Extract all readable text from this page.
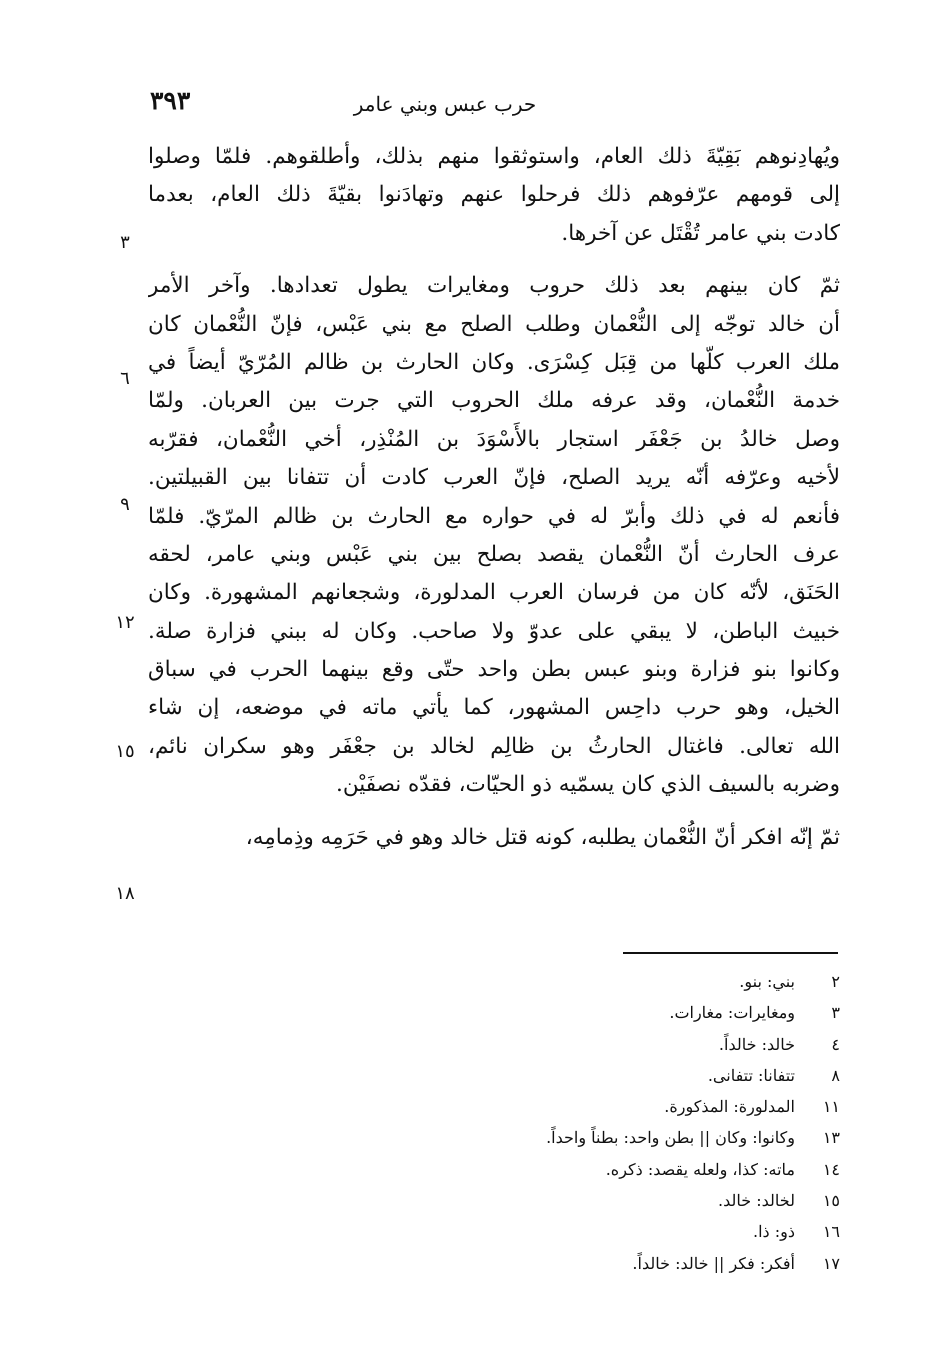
٣٩٣	حرب عبس وبني عامر
ويُهادِنوهم بَقِيّةَ ذلك العام، واستوثقوا منهم بذلك، وأطلقوهم. فلمّا وصلوا
إلى قومهم عرّفوهم ذلك فرحلوا عنهم وتهادَنوا بقيّةَ ذلك العام، بعدما
كادت بني عامر تُقْتَل عن آخرها.
ثمّ كان بينهم بعد ذلك حروب ومغايرات يطول تعدادها. وآخر الأمر
أن خالد توجّه إلى النُّعْمان وطلب الصلح مع بني عَبْس، فإنّ النُّعْمان كان
ملك العرب كلّها من قِبَل كِسْرَى. وكان الحارث بن ظالم المُرّيّ أيضاً في
خدمة النُّعْمان، وقد عرفه ملك الحروب التي جرت بين العربان. ولمّا
وصل خالدُ بن جَعْفَر استجار بالأَسْوَدَ بن المُنْذِر، أخي النُّعْمان، فقرّبه
لأخيه وعرّفه أنّه يريد الصلح، فإنّ العرب كادت أن تتفانا بين القبيلتين.
فأنعم له في ذلك وأبرّ له في حواره مع الحارث بن ظالم المرّيّ. فلمّا
عرف الحارث أنّ النُّعْمان يقصد بصلح بين بني عَبْس وبني عامر، لحقه
الحَنَق، لأنّه كان من فرسان العرب المدلورة، وشجعانهم المشهورة. وكان
خبيث الباطن، لا يبقي على عدوّ ولا صاحب. وكان له ببني فزارة صلة.
وكانوا بنو فزارة وبنو عبس بطن واحد حتّى وقع بينهما الحرب في سباق
الخيل، وهو حرب داحِس المشهور، كما يأتي ماته في موضعه، إن شاء
الله تعالى. فاغتال الحارثُ بن ظالِم لخالد بن جعْفَر وهو سكران نائم،
وضربه بالسيف الذي كان يسمّيه ذو الحيّات، فقدّه نصفَيْن.
ثمّ إنّه افكر أنّ النُّعْمان يطلبه، كونه قتل خالد وهو في حَرَمِه وذِمامِه،
٣
٦
٩
١٢
١٥
١٨
٢
بني: بنو.
٣
ومغايرات: مغارات.
٤
خالد: خالداً.
٨
تتفانا: تتفانى.
١١
المدلورة: المذكورة.
١٣
وكانوا: وكان || بطن واحد: بطناً واحداً.
١٤
ماته: كذا، ولعله يقصد: ذكره.
١٥
لخالد: خالد.
١٦
ذو: ذا.
١٧
أفكر: فكر || خالد: خالداً.
